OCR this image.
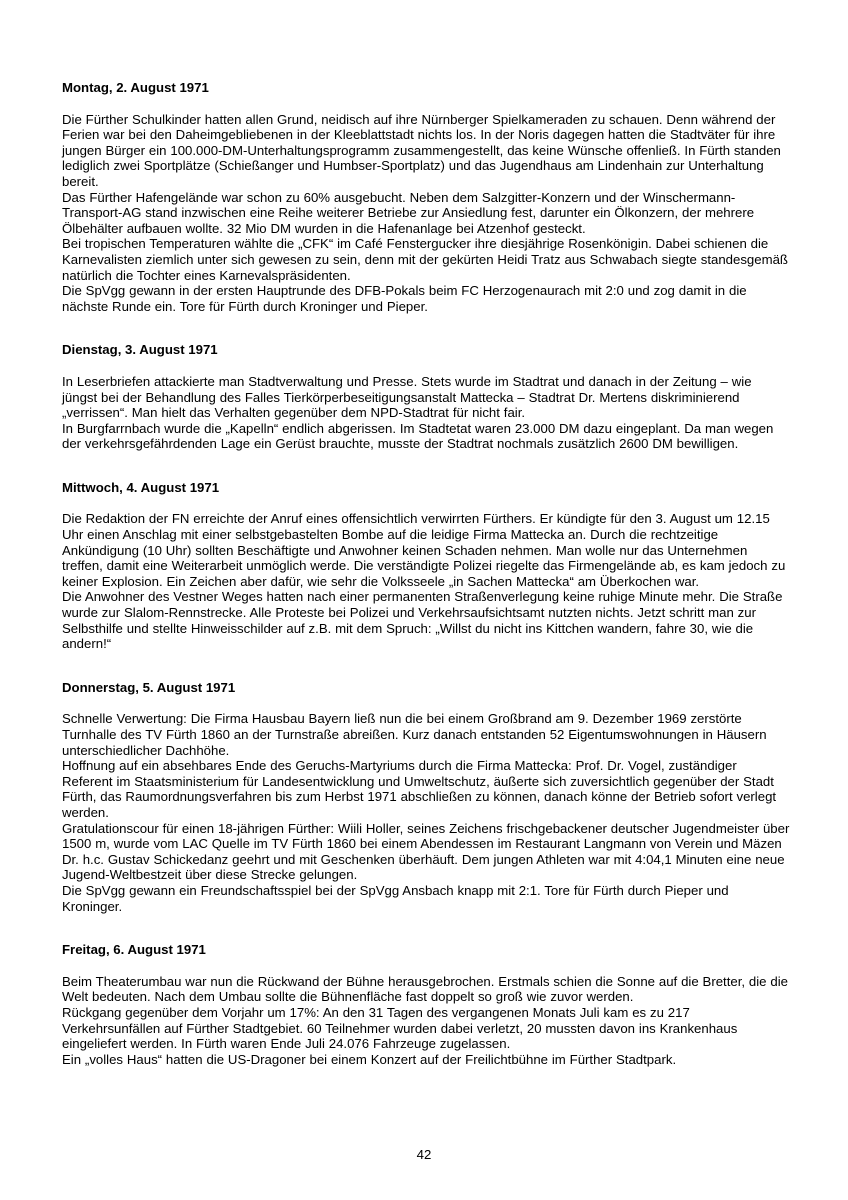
Montag, 2. August 1971

Die Fürther Schulkinder hatten allen Grund, neidisch auf ihre Nürnberger Spielkameraden zu schauen. Denn während der Ferien war bei den Daheimgebliebenen in der Kleeblattstadt nichts los. In der Noris dagegen hatten die Stadtväter für ihre jungen Bürger ein 100.000-DM-Unterhaltungsprogramm zusammengestellt, das keine Wünsche offenließ. In Fürth standen lediglich zwei Sportplätze (Schießanger und Humbser-Sportplatz) und das Jugendhaus am Lindenhain zur Unterhaltung bereit.

Das Fürther Hafengelände war schon zu 60% ausgebucht. Neben dem Salzgitter-Konzern und der Winschermann-Transport-AG stand inzwischen eine Reihe weiterer Betriebe zur Ansiedlung fest, darunter ein Ölkonzern, der mehrere Ölbehälter aufbauen wollte. 32 Mio DM wurden in die Hafenanlage bei Atzenhof gesteckt.

Bei tropischen Temperaturen wählte die „CFK“ im Café Fenstergucker ihre diesjährige Rosenkönigin. Dabei schienen die Karnevalisten ziemlich unter sich gewesen zu sein, denn mit der gekürten Heidi Tratz aus Schwabach siegte standesgemäß natürlich die Tochter eines Karnevalspräsidenten.

Die SpVgg gewann in der ersten Hauptrunde des DFB-Pokals beim FC Herzogenaurach mit 2:0 und zog damit in die nächste Runde ein. Tore für Fürth durch Kroninger und Pieper.

Dienstag, 3. August 1971

In Leserbriefen attackierte man Stadtverwaltung und Presse. Stets wurde im Stadtrat und danach in der Zeitung – wie jüngst bei der Behandlung des Falles Tierkörperbeseitigungsanstalt Mattecka – Stadtrat Dr. Mertens diskriminierend „verrissen“. Man hielt das Verhalten gegenüber dem NPD-Stadtrat für nicht fair.

In Burgfarrnbach wurde die „Kapelln“ endlich abgerissen. Im Stadtetat waren 23.000 DM dazu eingeplant. Da man wegen der verkehrsgefährdenden Lage ein Gerüst brauchte, musste der Stadtrat nochmals zusätzlich 2600 DM bewilligen.

Mittwoch, 4. August 1971

Die Redaktion der FN erreichte der Anruf eines offensichtlich verwirrten Fürthers. Er kündigte für den 3. August um 12.15 Uhr einen Anschlag mit einer selbstgebastelten Bombe auf die leidige Firma Mattecka an. Durch die rechtzeitige Ankündigung (10 Uhr) sollten Beschäftigte und Anwohner keinen Schaden nehmen. Man wolle nur das Unternehmen treffen, damit eine Weiterarbeit unmöglich werde. Die verständigte Polizei riegelte das Firmengelände ab, es kam jedoch zu keiner Explosion. Ein Zeichen aber dafür, wie sehr die Volksseele „in Sachen Mattecka“ am Überkochen war.

Die Anwohner des Vestner Weges hatten nach einer permanenten Straßenverlegung keine ruhige Minute mehr. Die Straße wurde zur Slalom-Rennstrecke. Alle Proteste bei Polizei und Verkehrsaufsichtsamt nutzten nichts. Jetzt schritt man zur Selbsthilfe und stellte Hinweisschilder auf z.B. mit dem Spruch: „Willst du nicht ins Kittchen wandern, fahre 30, wie die andern!“

Donnerstag, 5. August 1971

Schnelle Verwertung: Die Firma Hausbau Bayern ließ nun die bei einem Großbrand am 9. Dezember 1969 zerstörte Turnhalle des TV Fürth 1860 an der Turnstraße abreißen. Kurz danach entstanden 52 Eigentumswohnungen in Häusern unterschiedlicher Dachhöhe.

Hoffnung auf ein absehbares Ende des Geruchs-Martyriums durch die Firma Mattecka: Prof. Dr. Vogel, zuständiger Referent im Staatsministerium für Landesentwicklung und Umweltschutz, äußerte sich zuversichtlich gegenüber der Stadt Fürth, das Raumordnungsverfahren bis zum Herbst 1971 abschließen zu können, danach könne der Betrieb sofort verlegt werden.

Gratulationscour für einen 18-jährigen Fürther: Wiili Holler, seines Zeichens frischgebackener deutscher Jugendmeister über 1500 m, wurde vom LAC Quelle im TV Fürth 1860 bei einem Abendessen im Restaurant Langmann von Verein und Mäzen Dr. h.c. Gustav Schickedanz geehrt und mit Geschenken überhäuft. Dem jungen Athleten war mit 4:04,1 Minuten eine neue Jugend-Weltbestzeit über diese Strecke gelungen.

Die SpVgg gewann ein Freundschaftsspiel bei der SpVgg Ansbach knapp mit 2:1. Tore für Fürth durch Pieper und Kroninger.

Freitag, 6. August 1971

Beim Theaterumbau war nun die Rückwand der Bühne herausgebrochen. Erstmals schien die Sonne auf die Bretter, die die Welt bedeuten. Nach dem Umbau sollte die Bühnenfläche fast doppelt so groß wie zuvor werden.

Rückgang gegenüber dem Vorjahr um 17%: An den 31 Tagen des vergangenen Monats Juli kam es zu 217 Verkehrsunfällen auf Fürther Stadtgebiet. 60 Teilnehmer wurden dabei verletzt, 20 mussten davon ins Krankenhaus eingeliefert werden. In Fürth waren Ende Juli 24.076 Fahrzeuge zugelassen.

Ein „volles Haus“ hatten die US-Dragoner bei einem Konzert auf der Freilichtbühne im Fürther Stadtpark.

42
